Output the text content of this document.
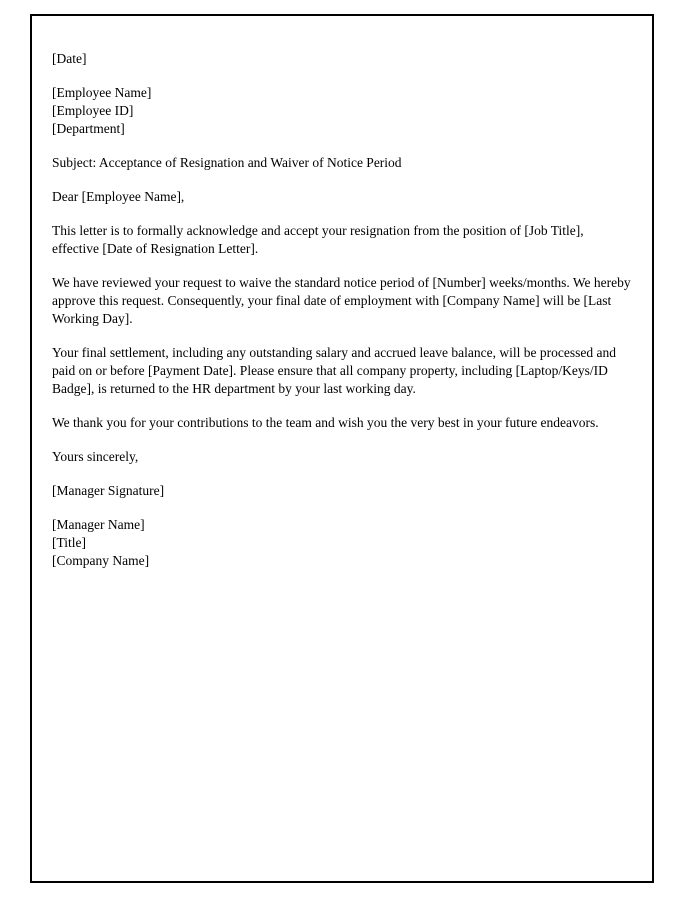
[Date]

[Employee Name]
[Employee ID]
[Department]

Subject: Acceptance of Resignation and Waiver of Notice Period

Dear [Employee Name],

This letter is to formally acknowledge and accept your resignation from the position of [Job Title], effective [Date of Resignation Letter].

We have reviewed your request to waive the standard notice period of [Number] weeks/months. We hereby approve this request. Consequently, your final date of employment with [Company Name] will be [Last Working Day].

Your final settlement, including any outstanding salary and accrued leave balance, will be processed and paid on or before [Payment Date]. Please ensure that all company property, including [Laptop/Keys/ID Badge], is returned to the HR department by your last working day.

We thank you for your contributions to the team and wish you the very best in your future endeavors.

Yours sincerely,

[Manager Signature]

[Manager Name]
[Title]
[Company Name]
